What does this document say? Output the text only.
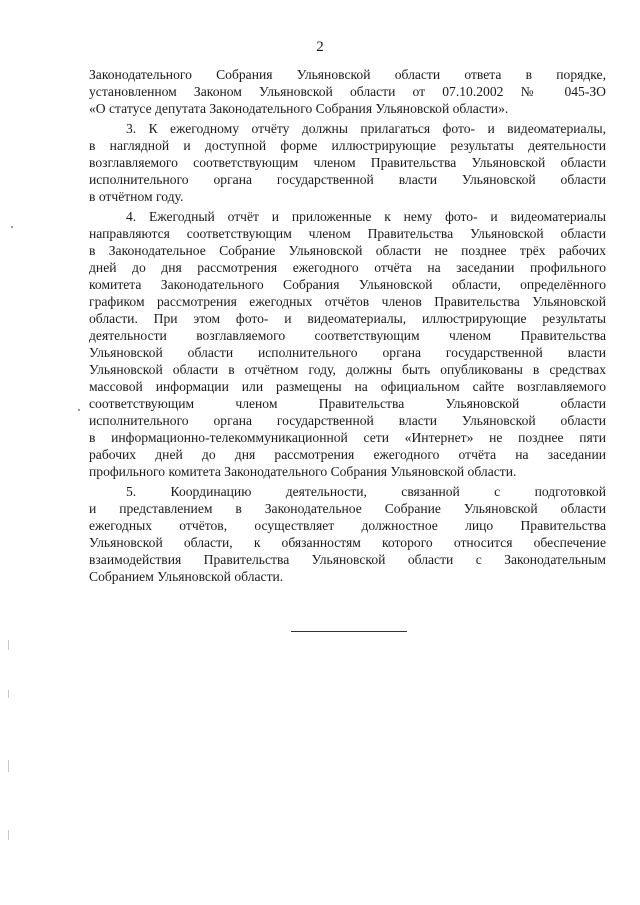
2
Законодательного Собрания Ульяновской области ответа в порядке,
установленном Законом Ульяновской области от 07.10.2002 № 045-ЗО
«О статусе депутата Законодательного Собрания Ульяновской области».
3. К ежегодному отчёту должны прилагаться фото- и видеоматериалы,
в наглядной и доступной форме иллюстрирующие результаты деятельности
возглавляемого соответствующим членом Правительства Ульяновской области
исполнительного органа государственной власти Ульяновской области
в отчётном году.
4. Ежегодный отчёт и приложенные к нему фото- и видеоматериалы
направляются соответствующим членом Правительства Ульяновской области
в Законодательное Собрание Ульяновской области не позднее трёх рабочих
дней до дня рассмотрения ежегодного отчёта на заседании профильного
комитета Законодательного Собрания Ульяновской области, определённого
графиком рассмотрения ежегодных отчётов членов Правительства Ульяновской
области. При этом фото- и видеоматериалы, иллюстрирующие результаты
деятельности возглавляемого соответствующим членом Правительства
Ульяновской области исполнительного органа государственной власти
Ульяновской области в отчётном году, должны быть опубликованы в средствах
массовой информации или размещены на официальном сайте возглавляемого
соответствующим членом Правительства Ульяновской области
исполнительного органа государственной власти Ульяновской области
в информационно-телекоммуникационной сети «Интернет» не позднее пяти
рабочих дней до дня рассмотрения ежегодного отчёта на заседании
профильного комитета Законодательного Собрания Ульяновской области.
5. Координацию деятельности, связанной с подготовкой
и представлением в Законодательное Собрание Ульяновской области
ежегодных отчётов, осуществляет должностное лицо Правительства
Ульяновской области, к обязанностям которого относится обеспечение
взаимодействия Правительства Ульяновской области с Законодательным
Собранием Ульяновской области.
